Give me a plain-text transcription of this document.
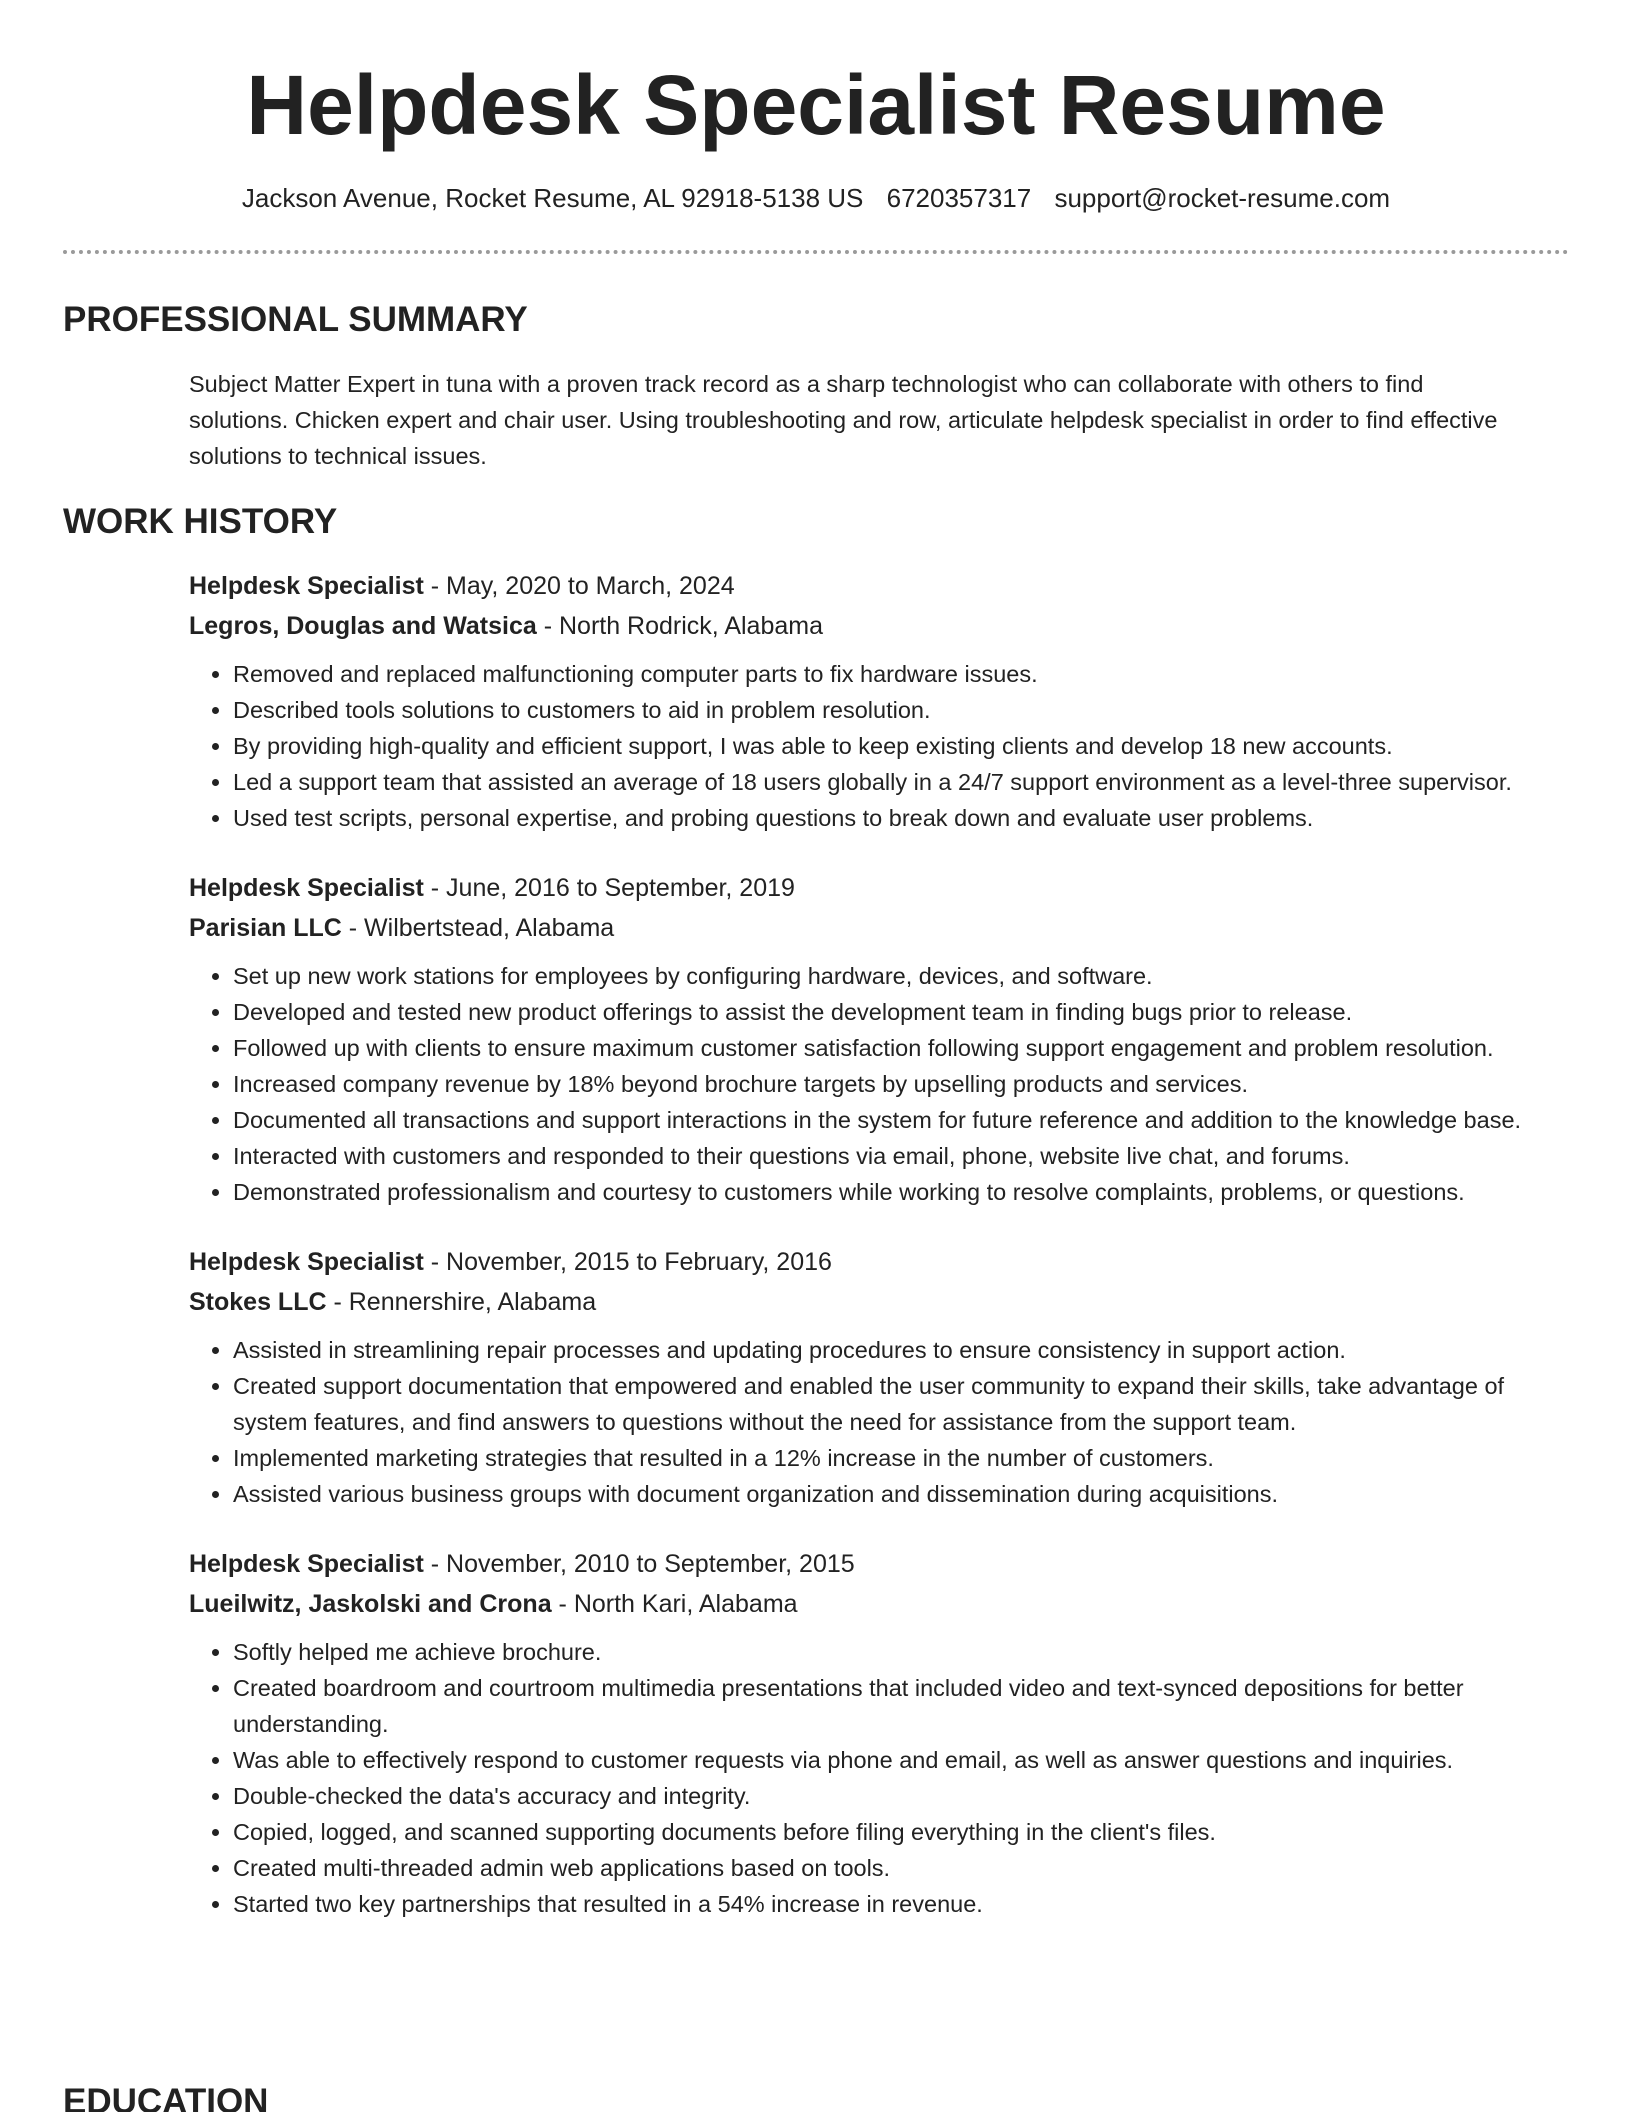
Helpdesk Specialist Resume
Jackson Avenue, Rocket Resume, AL 92918-5138 US 6720357317 support@rocket-resume.com
PROFESSIONAL SUMMARY

Subject Matter Expert in tuna with a proven track record as a sharp technologist who can collaborate with others to find solutions. Chicken expert and chair user. Using troubleshooting and row, articulate helpdesk specialist in order to find effective solutions to technical issues.

WORK HISTORY

Helpdesk Specialist - May, 2020 to March, 2024

Legros, Douglas and Watsica - North Rodrick, Alabama

• Removed and replaced malfunctioning computer parts to fix hardware issues.
• Described tools solutions to customers to aid in problem resolution.
• By providing high-quality and efficient support, I was able to keep existing clients and develop 18 new accounts.
• Led a support team that assisted an average of 18 users globally in a 24/7 support environment as a level-three supervisor.
• Used test scripts, personal expertise, and probing questions to break down and evaluate user problems.

Helpdesk Specialist - June, 2016 to September, 2019

Parisian LLC - Wilbertstead, Alabama

• Set up new work stations for employees by configuring hardware, devices, and software.
• Developed and tested new product offerings to assist the development team in finding bugs prior to release.
• Followed up with clients to ensure maximum customer satisfaction following support engagement and problem resolution.
• Increased company revenue by 18% beyond brochure targets by upselling products and services.
• Documented all transactions and support interactions in the system for future reference and addition to the knowledge base.
• Interacted with customers and responded to their questions via email, phone, website live chat, and forums.
• Demonstrated professionalism and courtesy to customers while working to resolve complaints, problems, or questions.

Helpdesk Specialist - November, 2015 to February, 2016

Stokes LLC - Rennershire, Alabama

• Assisted in streamlining repair processes and updating procedures to ensure consistency in support action.
• Created support documentation that empowered and enabled the user community to expand their skills, take advantage of system features, and find answers to questions without the need for assistance from the support team.
• Implemented marketing strategies that resulted in a 12% increase in the number of customers.
• Assisted various business groups with document organization and dissemination during acquisitions.

Helpdesk Specialist - November, 2010 to September, 2015

Lueilwitz, Jaskolski and Crona - North Kari, Alabama

• Softly helped me achieve brochure.
• Created boardroom and courtroom multimedia presentations that included video and text-synced depositions for better understanding.
• Was able to effectively respond to customer requests via phone and email, as well as answer questions and inquiries.
• Double-checked the data's accuracy and integrity.
• Copied, logged, and scanned supporting documents before filing everything in the client's files.
• Created multi-threaded admin web applications based on tools.
• Started two key partnerships that resulted in a 54% increase in revenue.
EDUCATION
